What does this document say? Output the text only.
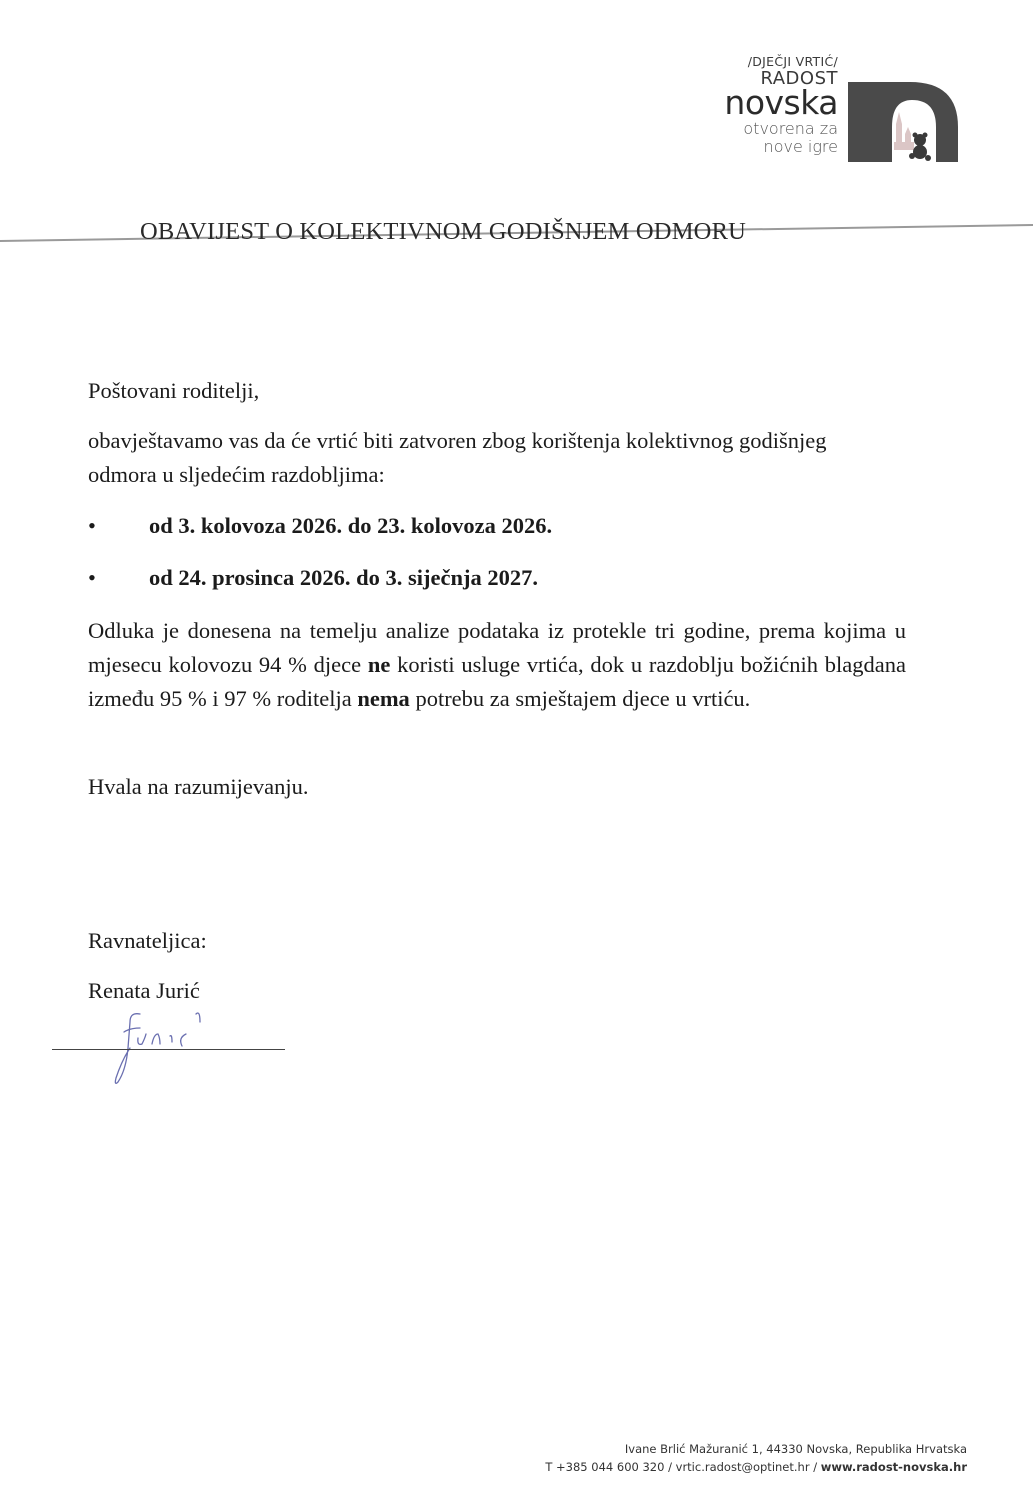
/DJEČJI VRTIĆ/
RADOST
novska
otvorena za
nove igre
OBAVIJEST O KOLEKTIVNOM GODIŠNJEM ODMORU
Poštovani roditelji,
obavještavamo vas da će vrtić biti zatvoren zbog korištenja kolektivnog godišnjeg
odmora u sljedećim razdobljima:
• od 3. kolovoza 2026. do 23. kolovoza 2026.
• od 24. prosinca 2026. do 3. siječnja 2027.
Odluka je donesena na temelju analize podataka iz protekle tri godine, prema kojima u mjesecu kolovozu 94 % djece ne koristi usluge vrtića, dok u razdoblju božićnih blagdana između 95 % i 97 % roditelja nema potrebu za smještajem djece u vrtiću.
Hvala na razumijevanju.
Ravnateljica:
Renata Jurić
Ivane Brlić Mažuranić 1, 44330 Novska, Republika Hrvatska
T +385 044 600 320 / vrtic.radost@optinet.hr / www.radost-novska.hr
